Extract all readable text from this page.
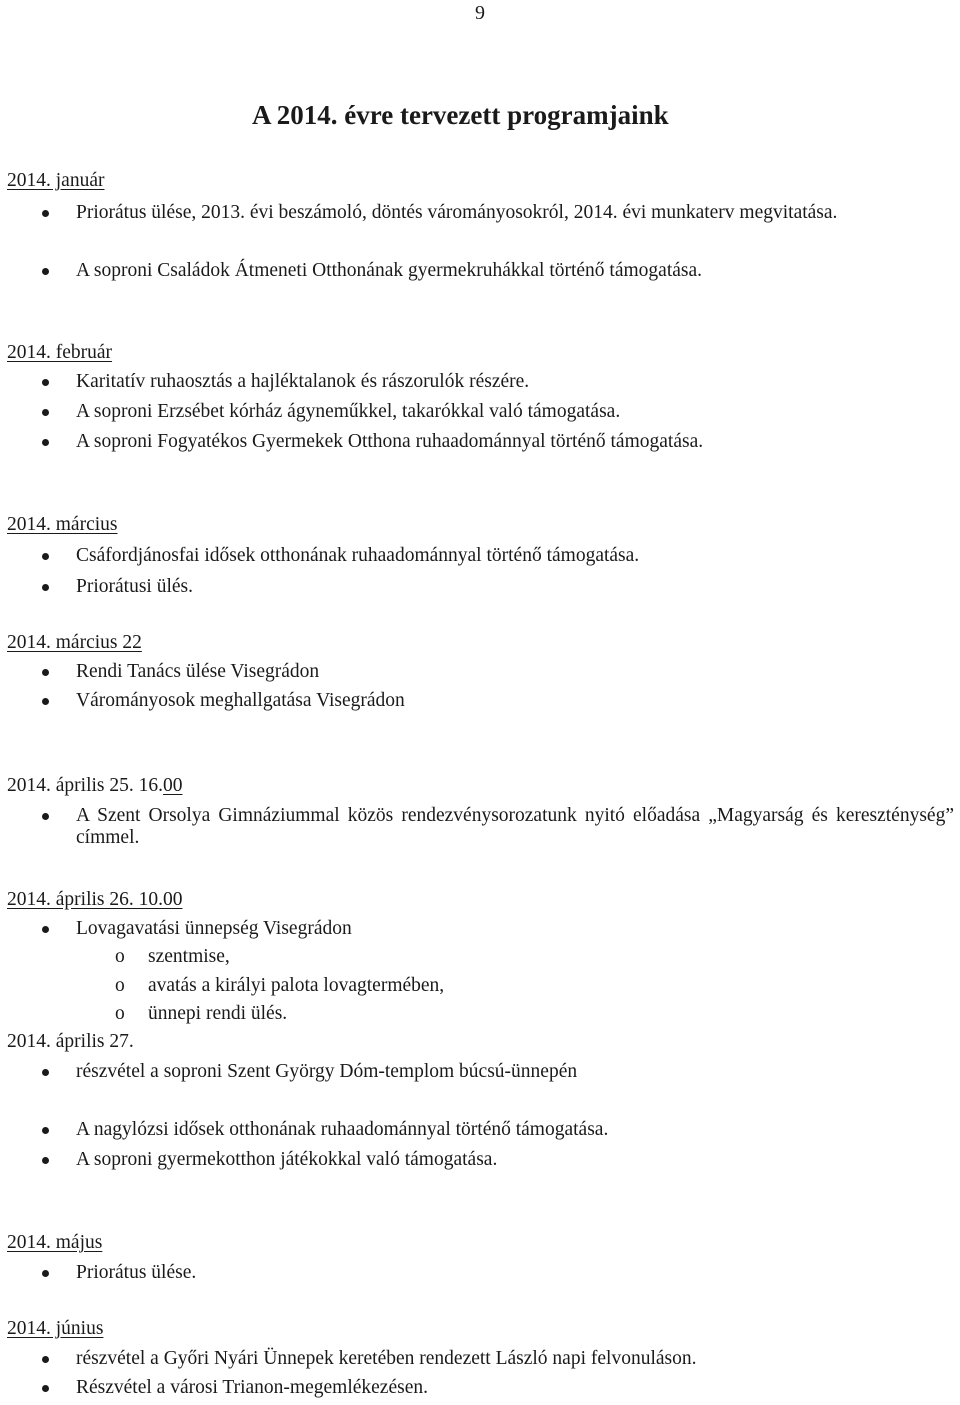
9
A 2014. évre tervezett programjaink
2014. január
Priorátus ülése, 2013. évi beszámoló, döntés várományosokról, 2014. évi munkaterv megvitatása.
A soproni Családok Átmeneti Otthonának gyermekruhákkal történő támogatása.
2014. február
Karitatív ruhaosztás a hajléktalanok és rászorulók részére.
A soproni Erzsébet kórház ágyneműkkel, takarókkal való támogatása.
A soproni Fogyatékos Gyermekek Otthona ruhaadománnyal történő támogatása.
2014. március
Csáfordjánosfai idősek otthonának ruhaadománnyal történő támogatása.
Priorátusi ülés.
2014. március 22
Rendi Tanács ülése Visegrádon
Várományosok meghallgatása Visegrádon
2014. április 25. 16.00
A Szent Orsolya Gimnáziummal közös rendezvénysorozatunk nyitó előadása „Magyarság és kereszténység” címmel.
2014. április 26. 10.00
Lovagavatási ünnepség Visegrádon
o szentmise,
o avatás a királyi palota lovagtermében,
o ünnepi rendi ülés.
2014. április 27.
részvétel a soproni Szent György Dóm-templom búcsú-ünnepén
A nagylózsi idősek otthonának ruhaadománnyal történő támogatása.
A soproni gyermekotthon játékokkal való támogatása.
2014. május
Priorátus ülése.
2014. június
részvétel a Győri Nyári Ünnepek keretében rendezett László napi felvonuláson.
Részvétel a városi Trianon-megemlékezésen.
